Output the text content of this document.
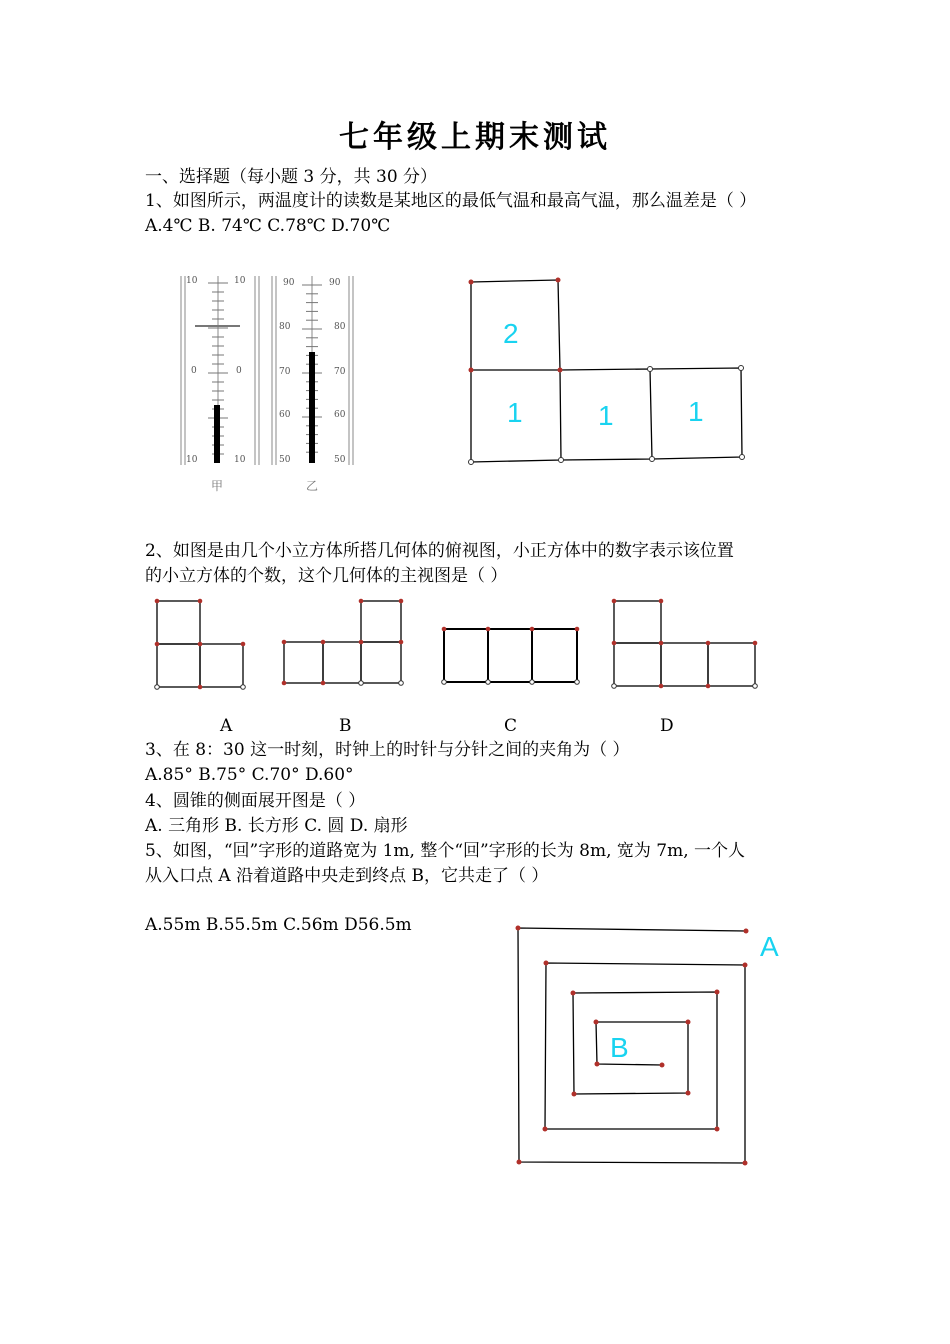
七年级上期末测试
一、选择题（每小题 3 分，共 30 分）
1、如图所示，两温度计的读数是某地区的最低气温和最高气温，那么温差是（ ）
A.4℃ B. 74℃ C.78℃ D.70℃
10	10
0	0
10	10
甲
90	90
80	80
70	70
60	60
50	50
乙
2
1	1	1
2、如图是由几个小立方体所搭几何体的俯视图，小正方体中的数字表示该位置
的小立方体的个数，这个几何体的主视图是（ ）
A	B	C	D
3、在 8：30 这一时刻，时钟上的时针与分针之间的夹角为（ ）
A.85° B.75° C.70° D.60°
4、圆锥的侧面展开图是（ ）
A. 三角形 B. 长方形 C. 圆 D. 扇形
5、如图，“回”字形的道路宽为 1m, 整个“回”字形的长为 8m, 宽为 7m, 一个人
从入口点 A 沿着道路中央走到终点 B，它共走了（ ）
A.55m B.55.5m C.56m D56.5m
A
B
